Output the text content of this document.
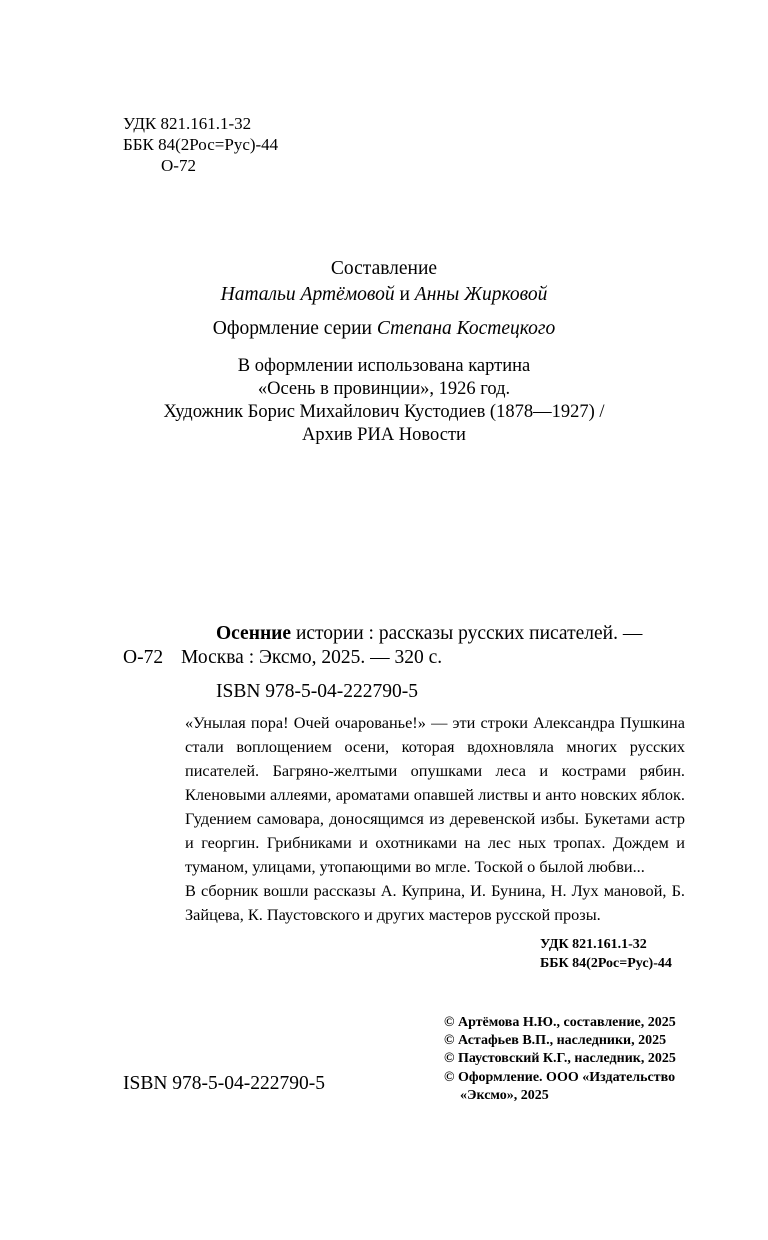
УДК 821.161.1-32
ББК 84(2Рос=Рус)-44
О-72
Составление
Натальи Артёмовой и Анны Жирковой
Оформление серии Степана Костецкого
В оформлении использована картина
«Осень в провинции», 1926 год.
Художник Борис Михайлович Кустодиев (1878—1927) /
Архив РИА Новости
Осенние истории : рассказы русских писателей. —
О-72 Москва : Эксмо, 2025. — 320 с.
ISBN 978-5-04-222790-5

«Унылая пора! Очей очарованье!» — эти строки Александра Пушкина стали воплощением осени, которая вдохновляла многих русских писателей. Багряно-желтыми опушками леса и кострами рябин. Кленовыми аллеями, ароматами опавшей листвы и анто новских яблок. Гудением самовара, доносящимся из деревенской избы. Букетами астр и георгин. Грибниками и охотниками на лес ных тропах. Дождем и туманом, улицами, утопающими во мгле. Тоской о былой любви...

В сборник вошли рассказы А. Куприна, И. Бунина, Н. Лух мановой, Б. Зайцева, К. Паустовского и других мастеров русской прозы.

УДК 821.161.1-32
ББК 84(2Рос=Рус)-44
© Артёмова Н.Ю., составление, 2025
© Астафьев В.П., наследники, 2025
© Паустовский К.Г., наследник, 2025
© Оформление. ООО «Издательство
«Эксмо», 2025
ISBN 978-5-04-222790-5
